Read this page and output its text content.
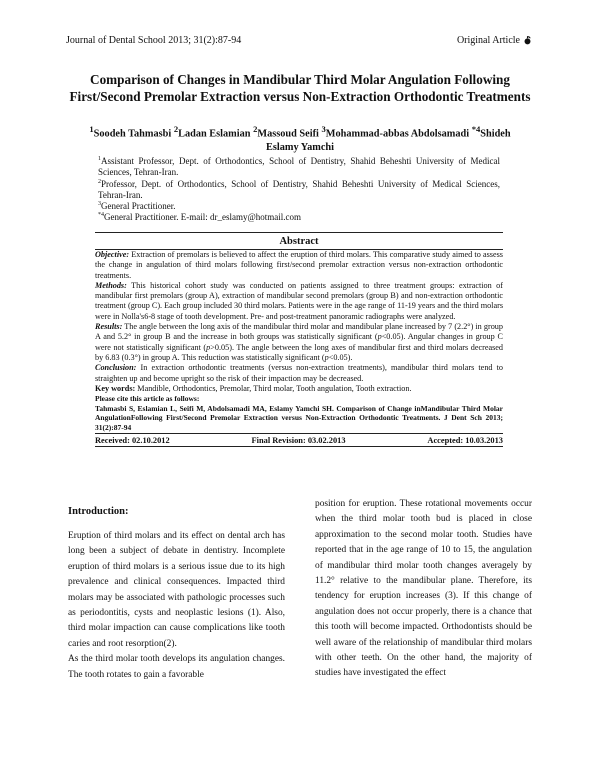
Journal of Dental School 2013; 31(2):87-94	Original Article
Comparison of Changes in Mandibular Third Molar Angulation Following First/Second Premolar Extraction versus Non-Extraction Orthodontic Treatments
$^1$Soodeh Tahmasbi $^2$Ladan Eslamian $^2$Massoud Seifi $^3$Mohammad-abbas Abdolsamadi $^{*4}$Shideh Eslamy Yamchi
$^1$Assistant Professor, Dept. of Orthodontics, School of Dentistry, Shahid Beheshti University of Medical Sciences, Tehran-Iran.
$^2$Professor, Dept. of Orthodontics, School of Dentistry, Shahid Beheshti University of Medical Sciences, Tehran-Iran.
$^3$General Practitioner.
$^{*4}$General Practitioner. E-mail: dr_eslamy@hotmail.com
Abstract

Objective: Extraction of premolars is believed to affect the eruption of third molars. This comparative study aimed to assess the change in angulation of third molars following first/second premolar extraction versus non-extraction orthodontic treatments.

Methods: This historical cohort study was conducted on patients assigned to three treatment groups: extraction of mandibular first premolars (group A), extraction of mandibular second premolars (group B) and non-extraction orthodontic treatment (group C). Each group included 30 third molars. Patients were in the age range of 11-19 years and the third molars were in Nolla's6-8 stage of tooth development. Pre- and post-treatment panoramic radiographs were analyzed.

Results: The angle between the long axis of the mandibular third molar and mandibular plane increased by 7 (2.2°) in group A and 5.2° in group B and the increase in both groups was statistically significant (p<0.05). Angular changes in group C were not statistically significant (p>0.05). The angle between the long axes of mandibular first and third molars decreased by 6.83 (0.3°) in group A. This reduction was statistically significant (p<0.05).

Conclusion: In extraction orthodontic treatments (versus non-extraction treatments), mandibular third molars tend to straighten up and become upright so the risk of their impaction may be decreased.

Key words: Mandible, Orthodontics, Premolar, Third molar, Tooth angulation, Tooth extraction.

Please cite this article as follows:

Tahmasbi S, Eslamian L, Seifi M, Abdolsamadi MA, Eslamy Yamchi SH. Comparison of Change inMandibular Third Molar AngulationFollowing First/Second Premolar Extraction versus Non-Extraction Orthodontic Treatments. J Dent Sch 2013; 31(2):87-94

Received: 02.10.2012	Final Revision: 03.02.2013	Accepted: 10.03.2013
Introduction:

Eruption of third molars and its effect on dental arch has long been a subject of debate in dentistry. Incomplete eruption of third molars is a serious issue due to its high prevalence and clinical consequences. Impacted third molars may be associated with pathologic processes such as periodontitis, cysts and neoplastic lesions (1). Also, third molar impaction can cause complications like tooth caries and root resorption(2).

As the third molar tooth develops its angulation changes. The tooth rotates to gain a favorable

position for eruption. These rotational movements occur when the third molar tooth bud is placed in close approximation to the second molar tooth. Studies have reported that in the age range of 10 to 15, the angulation of mandibular third molar tooth changes averagely by 11.2° relative to the mandibular plane. Therefore, its tendency for eruption increases (3). If this change of angulation does not occur properly, there is a chance that this tooth will become impacted. Orthodontists should be well aware of the relationship of mandibular third molars with other teeth. On the other hand, the majority of studies have investigated the effect
